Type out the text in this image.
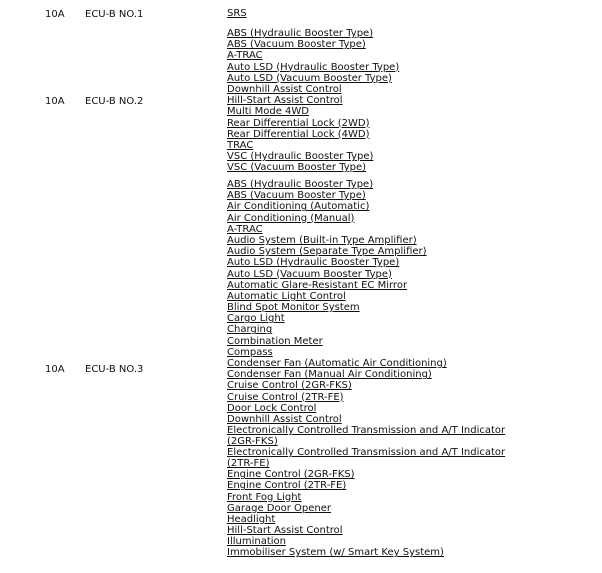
10A ECU-B NO.1	SRS
10A ECU-B NO.2
ABS (Hydraulic Booster Type)
ABS (Vacuum Booster Type)
A-TRAC
Auto LSD (Hydraulic Booster Type)
Auto LSD (Vacuum Booster Type)
Downhill Assist Control
Hill-Start Assist Control
Multi Mode 4WD
Rear Differential Lock (2WD)
Rear Differential Lock (4WD)
TRAC
VSC (Hydraulic Booster Type)
VSC (Vacuum Booster Type)
10A ECU-B NO.3
ABS (Hydraulic Booster Type)
ABS (Vacuum Booster Type)
Air Conditioning (Automatic)
Air Conditioning (Manual)
A-TRAC
Audio System (Built-in Type Amplifier)
Audio System (Separate Type Amplifier)
Auto LSD (Hydraulic Booster Type)
Auto LSD (Vacuum Booster Type)
Automatic Glare-Resistant EC Mirror
Automatic Light Control
Blind Spot Monitor System
Cargo Light
Charging
Combination Meter
Compass
Condenser Fan (Automatic Air Conditioning)
Condenser Fan (Manual Air Conditioning)
Cruise Control (2GR-FKS)
Cruise Control (2TR-FE)
Door Lock Control
Downhill Assist Control
Electronically Controlled Transmission and A/T Indicator (2GR-FKS)
Electronically Controlled Transmission and A/T Indicator (2TR-FE)
Engine Control (2GR-FKS)
Engine Control (2TR-FE)
Front Fog Light
Garage Door Opener
Headlight
Hill-Start Assist Control
Illumination
Immobiliser System (w/ Smart Key System)
